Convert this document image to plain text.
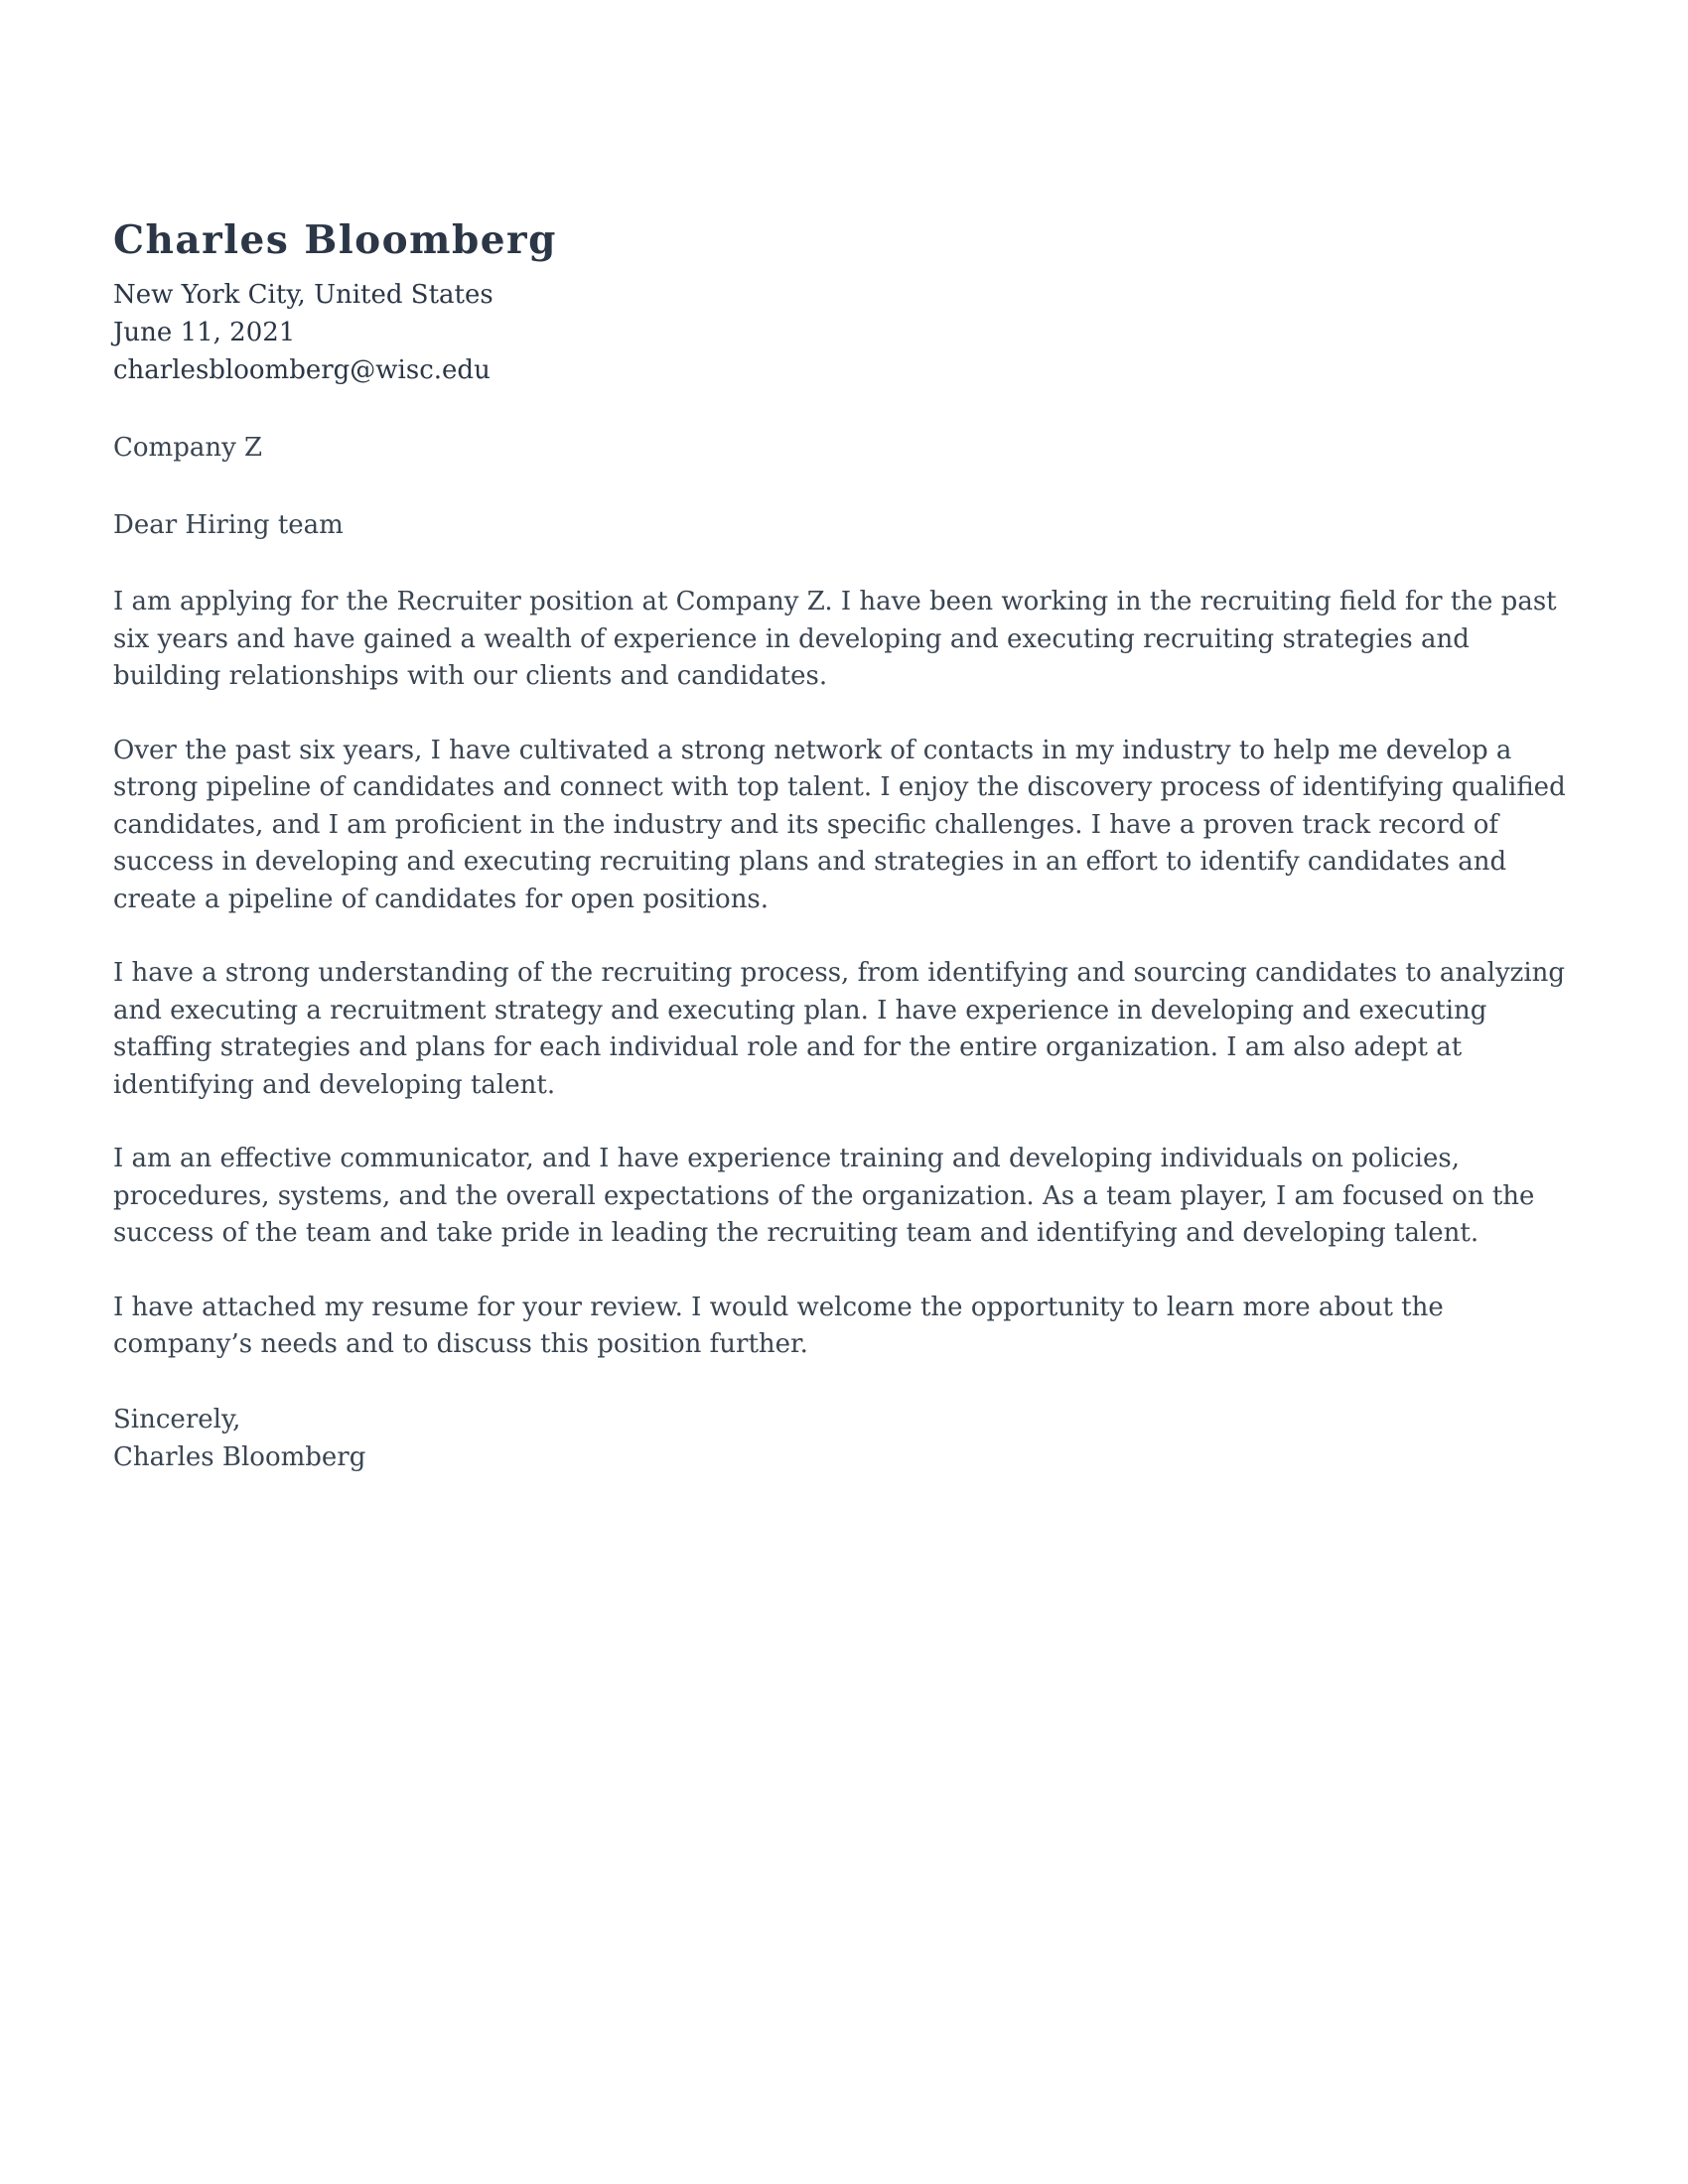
Charles Bloomberg
New York City, United States
June 11, 2021
charlesbloomberg@wisc.edu
Company Z
Dear Hiring team

I am applying for the Recruiter position at Company Z. I have been working in the recruiting field for the past six years and have gained a wealth of experience in developing and executing recruiting strategies and building relationships with our clients and candidates.

Over the past six years, I have cultivated a strong network of contacts in my industry to help me develop a strong pipeline of candidates and connect with top talent. I enjoy the discovery process of identifying qualified candidates, and I am proficient in the industry and its specific challenges. I have a proven track record of success in developing and executing recruiting plans and strategies in an effort to identify candidates and create a pipeline of candidates for open positions.

I have a strong understanding of the recruiting process, from identifying and sourcing candidates to analyzing and executing a recruitment strategy and executing plan. I have experience in developing and executing staffing strategies and plans for each individual role and for the entire organization. I am also adept at identifying and developing talent.

I am an effective communicator, and I have experience training and developing individuals on policies, procedures, systems, and the overall expectations of the organization. As a team player, I am focused on the success of the team and take pride in leading the recruiting team and identifying and developing talent.

I have attached my resume for your review. I would welcome the opportunity to learn more about the company’s needs and to discuss this position further.

Sincerely,
Charles Bloomberg
